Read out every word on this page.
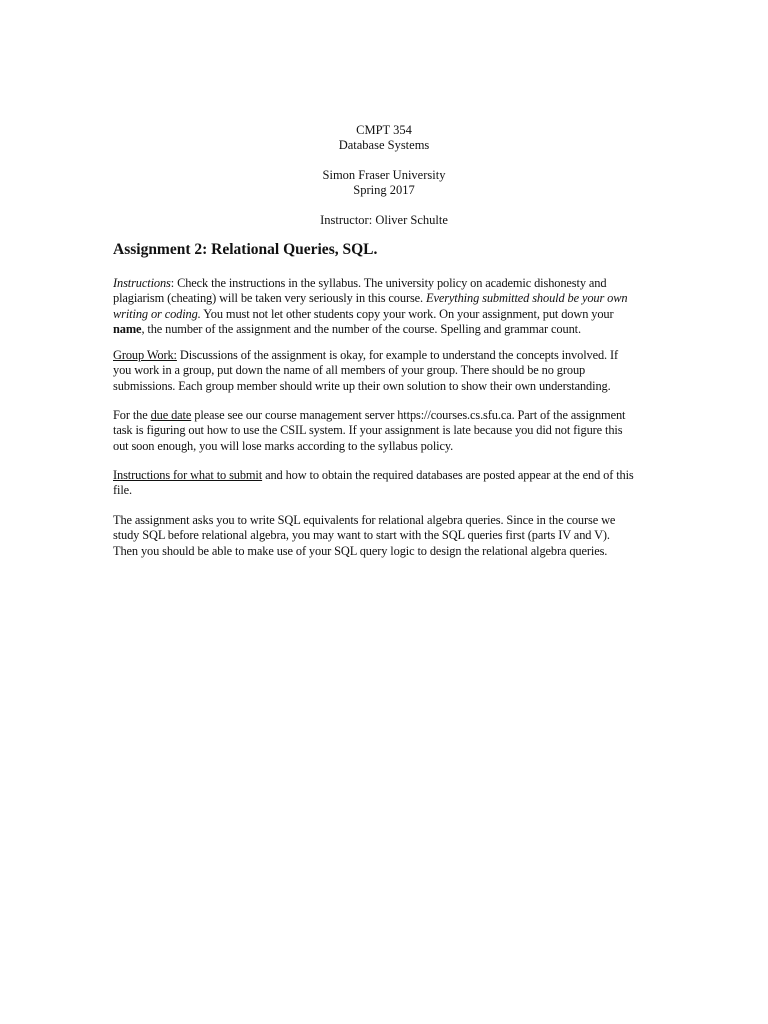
CMPT 354
Database Systems
Simon Fraser University
Spring 2017
Instructor: Oliver Schulte
Assignment 2: Relational Queries, SQL.
Instructions: Check the instructions in the syllabus. The university policy on academic dishonesty and
plagiarism (cheating) will be taken very seriously in this course. Everything submitted should be your own
writing or coding. You must not let other students copy your work. On your assignment, put down your
name, the number of the assignment and the number of the course. Spelling and grammar count.
Group Work: Discussions of the assignment is okay, for example to understand the concepts involved. If
you work in a group, put down the name of all members of your group. There should be no group
submissions. Each group member should write up their own solution to show their own understanding.
For the due date please see our course management server https://courses.cs.sfu.ca. Part of the assignment
task is figuring out how to use the CSIL system. If your assignment is late because you did not figure this
out soon enough, you will lose marks according to the syllabus policy.
Instructions for what to submit and how to obtain the required databases are posted appear at the end of this
file.
The assignment asks you to write SQL equivalents for relational algebra queries. Since in the course we
study SQL before relational algebra, you may want to start with the SQL queries first (parts IV and V).
Then you should be able to make use of your SQL query logic to design the relational algebra queries.
